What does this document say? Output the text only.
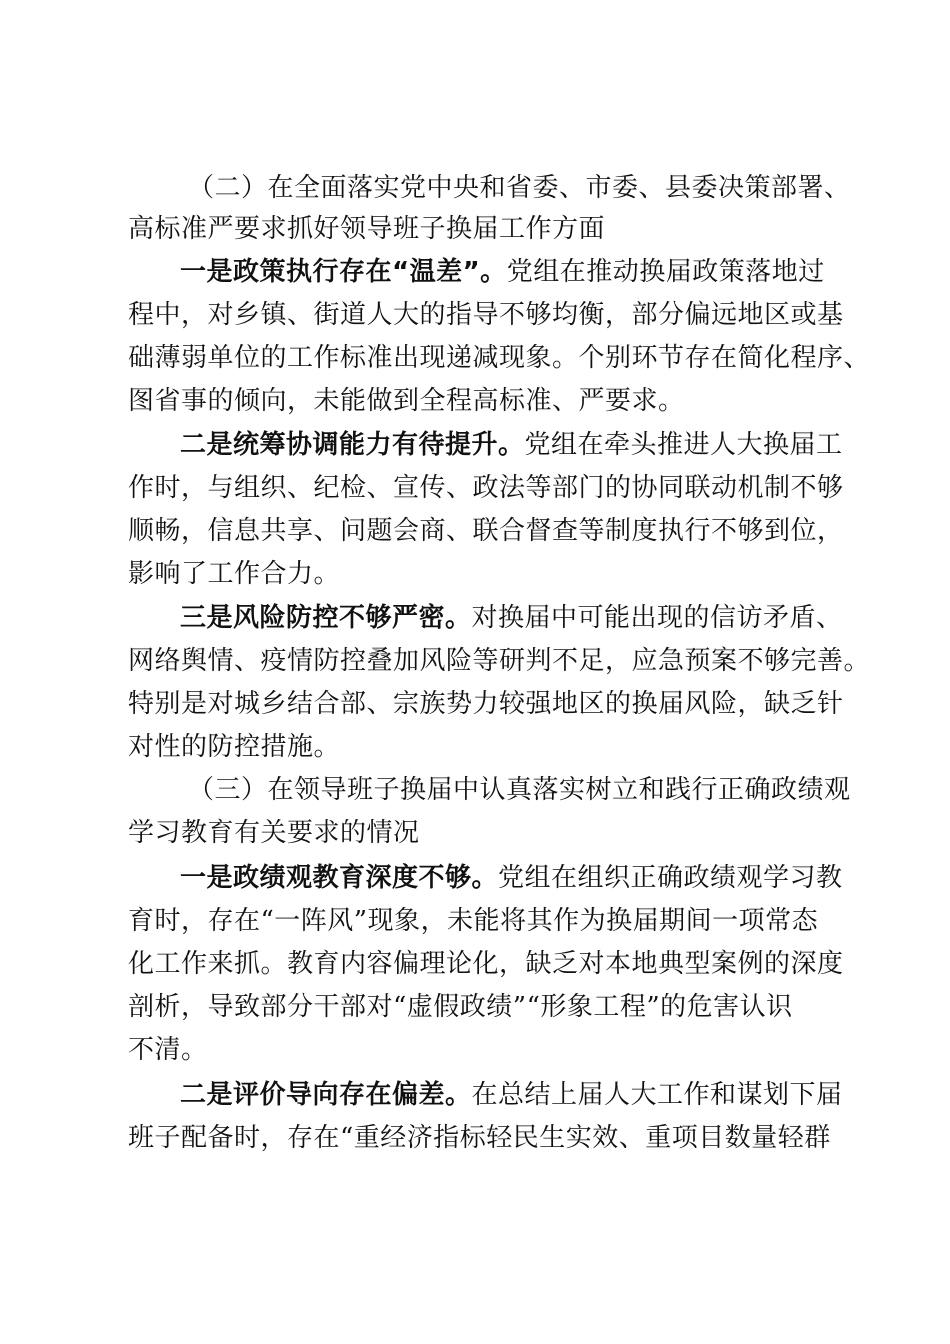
（二）在全面落实党中央和省委、市委、县委决策部署、
高标准严要求抓好领导班子换届工作方面
一是政策执行存在“温差”。党组在推动换届政策落地过
程中，对乡镇、街道人大的指导不够均衡，部分偏远地区或基
础薄弱单位的工作标准出现递减现象。个别环节存在简化程序、
图省事的倾向，未能做到全程高标准、严要求。
二是统筹协调能力有待提升。党组在牵头推进人大换届工
作时，与组织、纪检、宣传、政法等部门的协同联动机制不够
顺畅，信息共享、问题会商、联合督查等制度执行不够到位，
影响了工作合力。
三是风险防控不够严密。对换届中可能出现的信访矛盾、
网络舆情、疫情防控叠加风险等研判不足，应急预案不够完善。
特别是对城乡结合部、宗族势力较强地区的换届风险，缺乏针
对性的防控措施。
（三）在领导班子换届中认真落实树立和践行正确政绩观
学习教育有关要求的情况
一是政绩观教育深度不够。党组在组织正确政绩观学习教
育时，存在“一阵风”现象，未能将其作为换届期间一项常态
化工作来抓。教育内容偏理论化，缺乏对本地典型案例的深度
剖析，导致部分干部对“虚假政绩”“形象工程”的危害认识
不清。
二是评价导向存在偏差。在总结上届人大工作和谋划下届
班子配备时，存在“重经济指标轻民生实效、重项目数量轻群
